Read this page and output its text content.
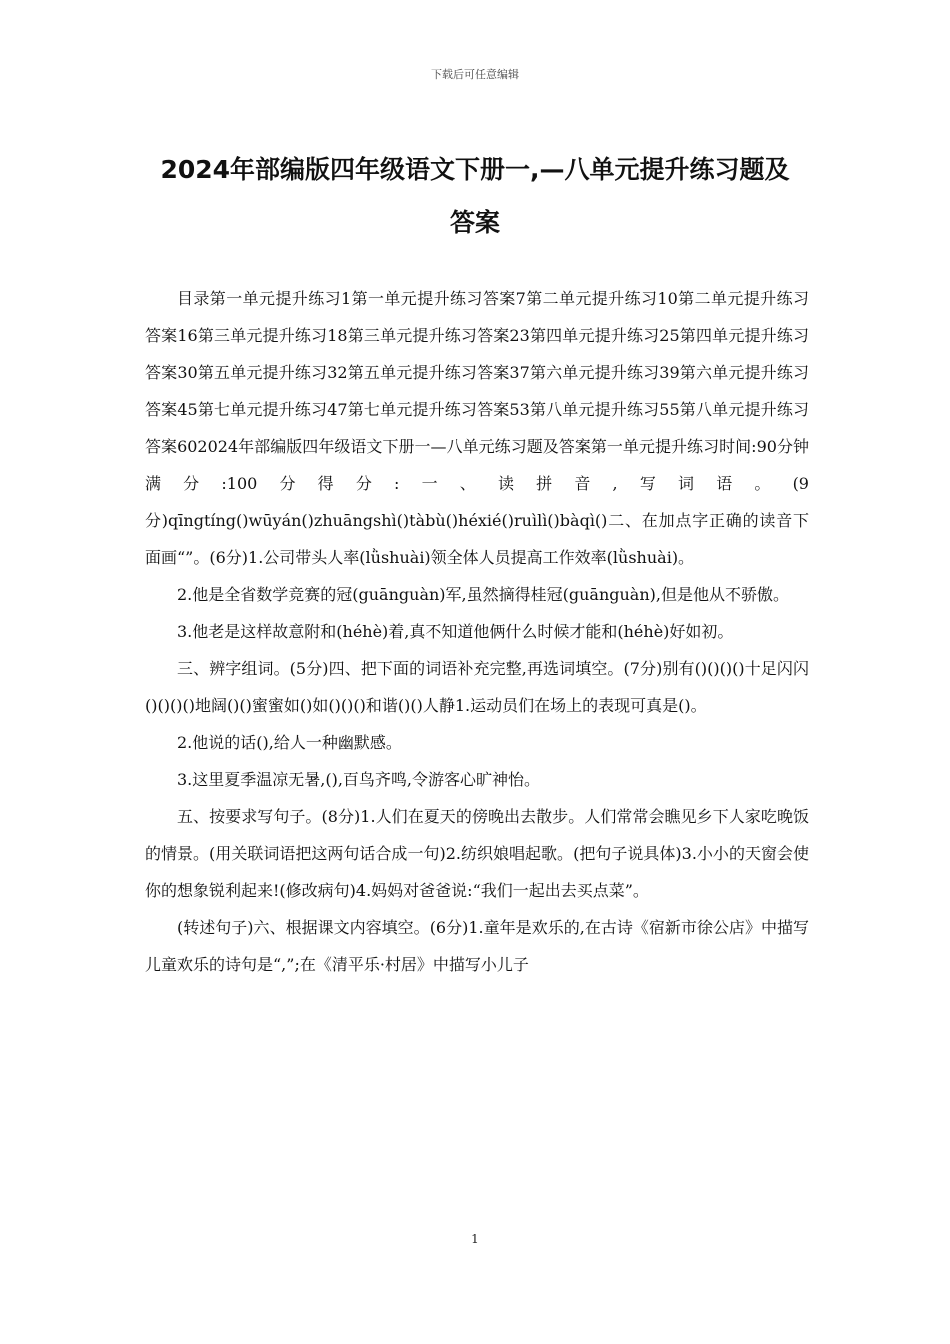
下载后可任意编辑
2024年部编版四年级语文下册一,—八单元提升练习题及
答案

目录第一单元提升练习1第一单元提升练习答案7第二单元提升练习10第二单元提升练习答案16第三单元提升练习18第三单元提升练习答案23第四单元提升练习25第四单元提升练习答案30第五单元提升练习32第五单元提升练习答案37第六单元提升练习39第六单元提升练习答案45第七单元提升练习47第七单元提升练习答案53第八单元提升练习55第八单元提升练习答案602024年部编版四年级语文下册一—八单元练习题及答案第一单元提升练习时间:90分钟满分:100分得分:一、读拼音,写词语。(9分)qīngtíng()wūyán()zhuāngshì()tàbù()héxié()ruìlì()bàqì()二、在加点字正确的读音下面画“”。(6分)1.公司带头人率(lǜshuài)领全体人员提高工作效率(lǜshuài)。

2.他是全省数学竞赛的冠(guānguàn)军,虽然摘得桂冠(guānguàn),但是他从不骄傲。

3.他老是这样故意附和(héhè)着,真不知道他俩什么时候才能和(héhè)好如初。

三、辨字组词。(5分)四、把下面的词语补充完整,再选词填空。(7分)别有()()()()十足闪闪()()()()地阔()()蜜蜜如()如()()()和谐()()人静1.运动员们在场上的表现可真是()。

2.他说的话(),给人一种幽默感。

3.这里夏季温凉无暑,(),百鸟齐鸣,令游客心旷神怡。

五、按要求写句子。(8分)1.人们在夏天的傍晚出去散步。人们常常会瞧见乡下人家吃晚饭的情景。(用关联词语把这两句话合成一句)2.纺织娘唱起歌。(把句子说具体)3.小小的天窗会使你的想象锐利起来!(修改病句)4.妈妈对爸爸说:“我们一起出去买点菜”。

(转述句子)六、根据课文内容填空。(6分)1.童年是欢乐的,在古诗《宿新市徐公店》中描写儿童欢乐的诗句是“,”;在《清平乐·村居》中描写小儿子

1
